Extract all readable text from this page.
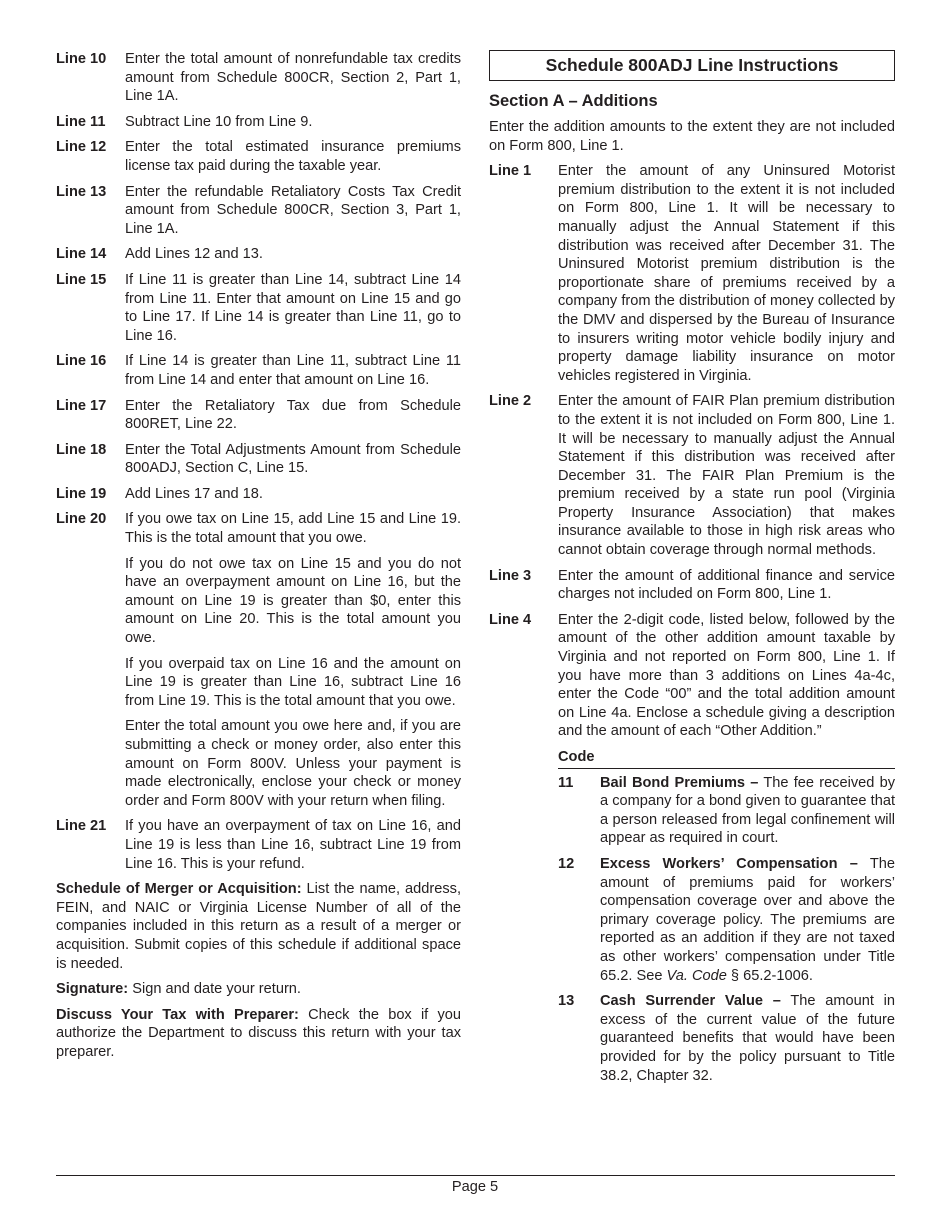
Line 10	Enter the total amount of nonrefundable tax credits amount from Schedule 800CR, Section 2, Part 1, Line 1A.
Line 11	Subtract Line 10 from Line 9.
Line 12	Enter the total estimated insurance premiums license tax paid during the taxable year.
Line 13	Enter the refundable Retaliatory Costs Tax Credit amount from Schedule 800CR, Section 3, Part 1, Line 1A.
Line 14	Add Lines 12 and 13.
Line 15	If Line 11 is greater than Line 14, subtract Line 14 from Line 11. Enter that amount on Line 15 and go to Line 17. If Line 14 is greater than Line 11, go to Line 16.
Line 16	If Line 14 is greater than Line 11, subtract Line 11 from Line 14 and enter that amount on Line 16.
Line 17	Enter the Retaliatory Tax due from Schedule 800RET, Line 22.
Line 18	Enter the Total Adjustments Amount from Schedule 800ADJ, Section C, Line 15.
Line 19	Add Lines 17 and 18.
Line 20	If you owe tax on Line 15, add Line 15 and Line 19. This is the total amount that you owe.
If you do not owe tax on Line 15 and you do not have an overpayment amount on Line 16, but the amount on Line 19 is greater than $0, enter this amount on Line 20. This is the total amount you owe.
If you overpaid tax on Line 16 and the amount on Line 19 is greater than Line 16, subtract Line 16 from Line 19. This is the total amount that you owe.
Enter the total amount you owe here and, if you are submitting a check or money order, also enter this amount on Form 800V. Unless your payment is made electronically, enclose your check or money order and Form 800V with your return when filing.
Line 21	If you have an overpayment of tax on Line 16, and Line 19 is less than Line 16, subtract Line 19 from Line 16. This is your refund.
Schedule of Merger or Acquisition: List the name, address, FEIN, and NAIC or Virginia License Number of all of the companies included in this return as a result of a merger or acquisition. Submit copies of this schedule if additional space is needed.
Signature: Sign and date your return.
Discuss Your Tax with Preparer: Check the box if you authorize the Department to discuss this return with your tax preparer.
Schedule 800ADJ Line Instructions
Section A – Additions
Enter the addition amounts to the extent they are not included on Form 800, Line 1.
Line 1	Enter the amount of any Uninsured Motorist premium distribution to the extent it is not included on Form 800, Line 1. It will be necessary to manually adjust the Annual Statement if this distribution was received after December 31. The Uninsured Motorist premium distribution is the proportionate share of premiums received by a company from the distribution of money collected by the DMV and dispersed by the Bureau of Insurance to insurers writing motor vehicle bodily injury and property damage liability insurance on motor vehicles registered in Virginia.
Line 2	Enter the amount of FAIR Plan premium distribution to the extent it is not included on Form 800, Line 1. It will be necessary to manually adjust the Annual Statement if this distribution was received after December 31. The FAIR Plan Premium is the premium received by a state run pool (Virginia Property Insurance Association) that makes insurance available to those in high risk areas who cannot obtain coverage through normal methods.
Line 3	Enter the amount of additional finance and service charges not included on Form 800, Line 1.
Line 4	Enter the 2-digit code, listed below, followed by the amount of the other addition amount taxable by Virginia and not reported on Form 800, Line 1. If you have more than 3 additions on Lines 4a-4c, enter the Code “00” and the total addition amount on Line 4a. Enclose a schedule giving a description and the amount of each “Other Addition.”
Code
11	Bail Bond Premiums – The fee received by a company for a bond given to guarantee that a person released from legal confinement will appear as required in court.
12	Excess Workers’ Compensation – The amount of premiums paid for workers’ compensation coverage over and above the primary coverage policy. The premiums are reported as an addition if they are not taxed as other workers’ compensation under Title 65.2. See Va. Code § 65.2-1006.
13	Cash Surrender Value – The amount in excess of the current value of the future guaranteed benefits that would have been provided for by the policy pursuant to Title 38.2, Chapter 32.
Page 5
